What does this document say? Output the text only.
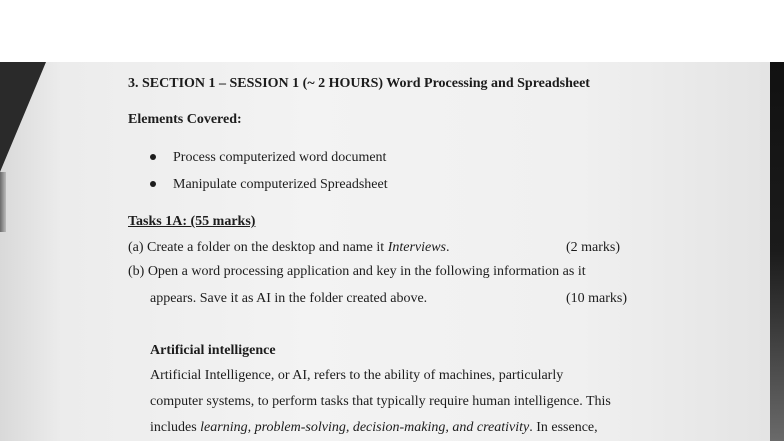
3. SECTION 1 – SESSION 1 (~ 2 HOURS) Word Processing and Spreadsheet
Elements Covered:
Process computerized word document
Manipulate computerized Spreadsheet
Tasks 1A: (55 marks)
(a) Create a folder on the desktop and name it Interviews.	(2 marks)
(b) Open a word processing application and key in the following information as it
appears. Save it as AI in the folder created above.	(10 marks)
Artificial intelligence
Artificial Intelligence, or AI, refers to the ability of machines, particularly
computer systems, to perform tasks that typically require human intelligence. This
includes learning, problem-solving, decision-making, and creativity. In essence,
